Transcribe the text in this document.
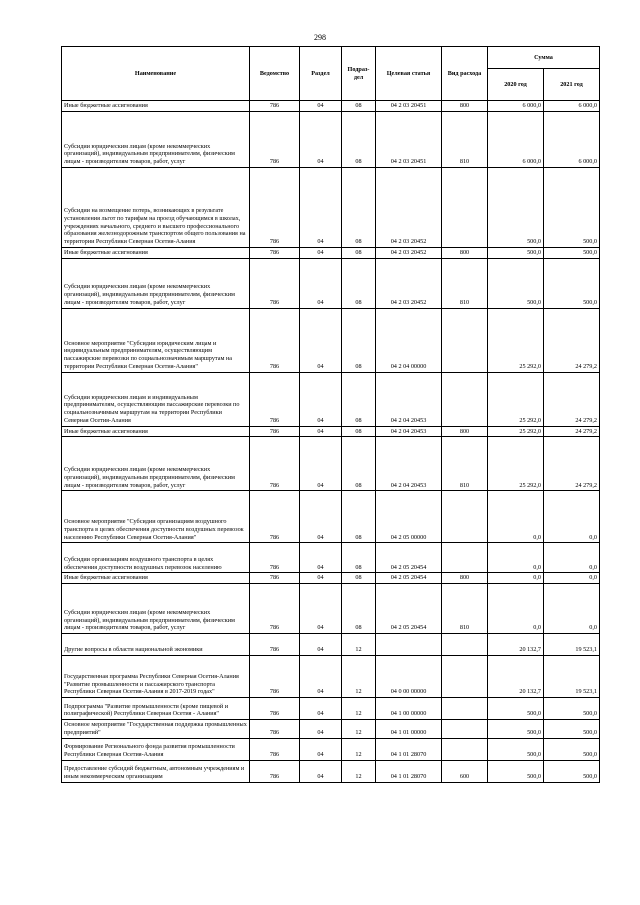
298
Наименование	Ведомство	Раздел	Подраз-дел	Целевая статья	Вид расхода	Сумма	
						2020 год	2021 год
Иные бюджетные ассигнования	786	04	08	04 2 03 20451	800	6 000,0	6 000,0
Субсидии юридическим лицам (кроме некоммерческих организаций), индивидуальным предпринимателям, физическим лицам - производителям товаров, работ, услуг	786	04	08	04 2 03 20451	810	6 000,0	6 000,0
Субсидии на возмещение потерь, возникающих в результате установления льгот по тарифам на проезд обучающимся в школах, учреждениях начального, среднего и высшего профессионального образования железнодорожным транспортом общего пользования на территории Республики Северная Осетия-Алания	786	04	08	04 2 03 20452		500,0	500,0
Иные бюджетные ассигнования	786	04	08	04 2 03 20452	800	500,0	500,0
Субсидии юридическим лицам (кроме некоммерческих организаций), индивидуальным предпринимателям, физическим лицам - производителям товаров, работ, услуг	786	04	08	04 2 03 20452	810	500,0	500,0
Основное мероприятие "Субсидии юридическим лицам и индивидуальным предпринимателям, осуществляющим пассажирские перевозки по социальнозначимым маршрутам на территории Республики Северная Осетия-Алания"	786	04	08	04 2 04 00000		25 292,0	24 279,2
Субсидии юридическим лицам и индивидуальным предпринимателям, осуществляющим пассажирские перевозки по социальнозначимым маршрутам на территории Республики Северная Осетия-Алания	786	04	08	04 2 04 20453		25 292,0	24 279,2
Иные бюджетные ассигнования	786	04	08	04 2 04 20453	800	25 292,0	24 279,2
Субсидии юридическим лицам (кроме некоммерческих организаций), индивидуальным предпринимателям, физическим лицам - производителям товаров, работ, услуг	786	04	08	04 2 04 20453	810	25 292,0	24 279,2
Основное мероприятие "Субсидии организациям воздушного транспорта в целях обеспечения доступности воздушных перевозок населению Республики Северная Осетия-Алания"	786	04	08	04 2 05 00000		0,0	0,0
Субсидии организациям воздушного транспорта в целях обеспечения доступности воздушных перевозок населению	786	04	08	04 2 05 20454		0,0	0,0
Иные бюджетные ассигнования	786	04	08	04 2 05 20454	800	0,0	0,0
Субсидии юридическим лицам (кроме некоммерческих организаций), индивидуальным предпринимателям, физическим лицам - производителям товаров, работ, услуг	786	04	08	04 2 05 20454	810	0,0	0,0
Другие вопросы в области национальной экономики	786	04	12			20 132,7	19 523,1
Государственная программа Республики Северная Осетия-Алания "Развитие промышленности и пассажирского транспорта Республики Северная Осетия-Алания в 2017-2019 годах"	786	04	12	04 0 00 00000		20 132,7	19 523,1
Подпрограмма "Развитие промышленности (кроме пищевой и полиграфической) Республики Северная Осетия - Алания"	786	04	12	04 1 00 00000		500,0	500,0
Основное мероприятие "Государственная поддержка промышленных предприятий"	786	04	12	04 1 01 00000		500,0	500,0
Формирование Регионального фонда развития промышленности Республики Северная Осетия-Алания	786	04	12	04 1 01 28070		500,0	500,0
Предоставление субсидий бюджетным, автономным учреждениям и иным некоммерческим организациям	786	04	12	04 1 01 28070	600	500,0	500,0
